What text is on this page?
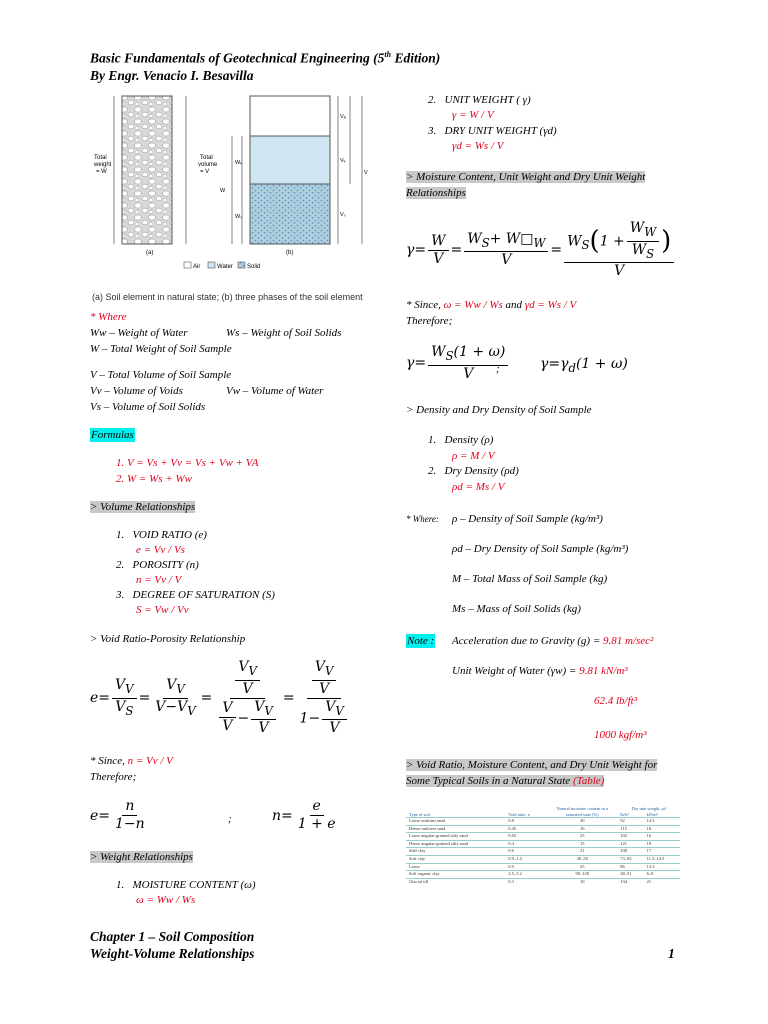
Basic Fundamentals of Geotechnical Engineering (5th Edition)
By Engr. Venacio I. Besavilla
Total
weight
= W
Total
volume
= V
Wᵥ
Wₛ
W
Vₐ
Vᵥ
Vₛ
V
(a)	(b)
Air	Water Solid
(a) Soil element in natural state; (b) three phases of the soil element
* Where
Ww – Weight of Water	Ws – Weight of Soil Solids
W – Total Weight of Soil Sample
V – Total Volume of Soil Sample
Vv – Volume of Voids	Vw – Volume of Water
Vs – Volume of Soil Solids
Formulas
1. V = Vs + Vv = Vs + Vw + VA
2. W = Ws + Ww
> Volume Relationships
1. VOID RATIO (e)
e = Vv / Vs
2. POROSITY (n)
n = Vv / V
3. DEGREE OF SATURATION (S)
S = Vw / Vv
> Void Ratio-Porosity Relationship
$e= \frac{V_V}{V_S} = \frac{V_V}{V-V_V} = \frac{\frac{V_V}{V}}{\frac{V}{V} - \frac{V_V}{V}} = \frac{\frac{V_V}{V}}{1- \frac{V_V}{V}}$
* Since, n = Vv / V
Therefore;
$e= \frac{n}{1-n}$	;	$n= \frac{e}{1 + e}$
> Weight Relationships
1. MOISTURE CONTENT (ω)
ω = Ww / Ws
2. UNIT WEIGHT ( γ)
γ = W / V
3. DRY UNIT WEIGHT (γd)
γd = Ws / V
> Moisture Content, Unit Weight and Dry Unit Weight
Relationships
$\gamma= \frac{W}{V} = \frac{W_S+ W□_W}{V} = \frac{W_S(1 + \frac{W_W}{W_S} )}{V}$
* Since, ω = Ww / Ws and γd = Ws / V
Therefore;
$\gamma= \frac{W_S(1 + \omega)}{V}$
;	$\gamma=\gamma_d(1 + \omega)$
> Density and Dry Density of Soil Sample
1. Density (ρ)
ρ = M / V
2. Dry Density (ρd)
ρd = Ms / V
* Where: ρ – Density of Soil Sample (kg/m³)
ρd – Dry Density of Soil Sample (kg/m³)
M – Total Mass of Soil Sample (kg)
Ms – Mass of Soil Solids (kg)
Note : Acceleration due to Gravity (g) = 9.81 m/sec²
Unit Weight of Water (γw) = 9.81 kN/m³
62.4 lb/ft³
1000 kgf/m³
> Void Ratio, Moisture Content, and Dry Unit Weight for
Some Typical Soils in a Natural State (Table)
Type of soil	Void ratio, e	Natural moisture content in a saturated state (%)	Dry unit weight, γd	
			lb/ft³	kN/m³
Loose uniform sand	0.8	30	92	14.5
Dense uniform sand	0.45	16	115	18
Loose angular-grained silty sand	0.65	25	102	16
Dense angular-grained silty sand	0.4	15	121	19
Stiff clay	0.6	21	108	17
Soft clay	0.9–1.4	30–50	73–93	11.5–14.5
Loess	0.9	25	86	13.5
Soft organic clay	2.5–3.2	90–120	38–51	6–8
Glacial till	0.3	10	134	21
Chapter 1 – Soil Composition
Weight-Volume Relationships	1
